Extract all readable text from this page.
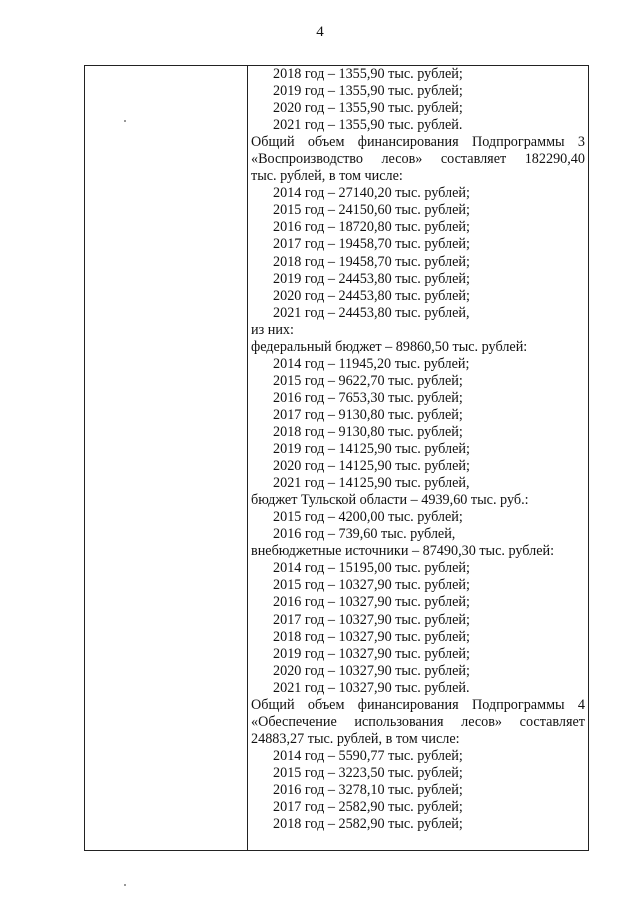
4
2018 год – 1355,90 тыс. рублей;
2019 год – 1355,90 тыс. рублей;
2020 год – 1355,90 тыс. рублей;
2021 год – 1355,90 тыс. рублей.
Общий объем финансирования Подпрограммы 3
«Воспроизводство лесов» составляет 182290,40
тыс. рублей, в том числе:
2014 год – 27140,20 тыс. рублей;
2015 год – 24150,60 тыс. рублей;
2016 год – 18720,80 тыс. рублей;
2017 год – 19458,70 тыс. рублей;
2018 год – 19458,70 тыс. рублей;
2019 год – 24453,80 тыс. рублей;
2020 год – 24453,80 тыс. рублей;
2021 год – 24453,80 тыс. рублей,
из них:
федеральный бюджет – 89860,50 тыс. рублей:
2014 год – 11945,20 тыс. рублей;
2015 год – 9622,70 тыс. рублей;
2016 год – 7653,30 тыс. рублей;
2017 год – 9130,80 тыс. рублей;
2018 год – 9130,80 тыс. рублей;
2019 год – 14125,90 тыс. рублей;
2020 год – 14125,90 тыс. рублей;
2021 год – 14125,90 тыс. рублей,
бюджет Тульской области – 4939,60 тыс. руб.:
2015 год – 4200,00 тыс. рублей;
2016 год – 739,60 тыс. рублей,
внебюджетные источники – 87490,30 тыс. рублей:
2014 год – 15195,00 тыс. рублей;
2015 год – 10327,90 тыс. рублей;
2016 год – 10327,90 тыс. рублей;
2017 год – 10327,90 тыс. рублей;
2018 год – 10327,90 тыс. рублей;
2019 год – 10327,90 тыс. рублей;
2020 год – 10327,90 тыс. рублей;
2021 год – 10327,90 тыс. рублей.
Общий объем финансирования Подпрограммы 4
«Обеспечение использования лесов» составляет
24883,27 тыс. рублей, в том числе:
2014 год – 5590,77 тыс. рублей;
2015 год – 3223,50 тыс. рублей;
2016 год – 3278,10 тыс. рублей;
2017 год – 2582,90 тыс. рублей;
2018 год – 2582,90 тыс. рублей;
